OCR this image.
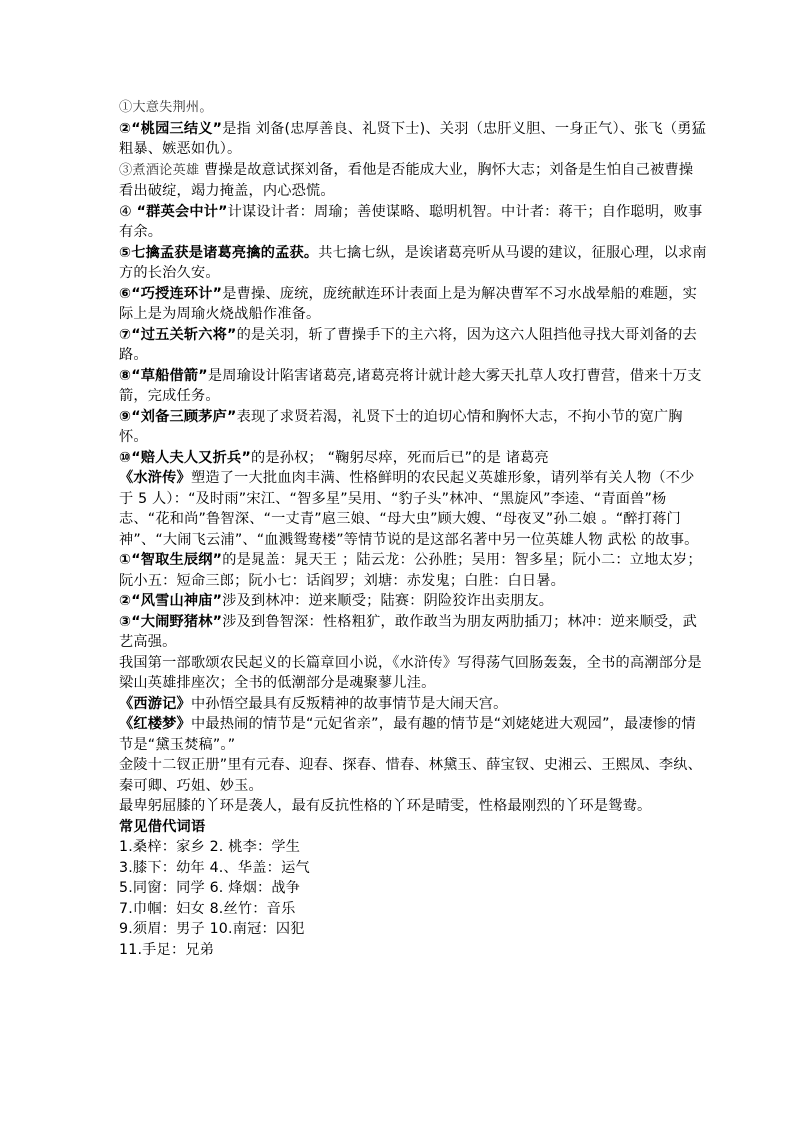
①大意失荆州。

②“桃园三结义”是指 刘备(忠厚善良、礼贤下士)、关羽（忠肝义胆、一身正气）、张飞（勇猛粗暴、嫉恶如仇）。

③煮酒论英雄 曹操是故意试探刘备，看他是否能成大业，胸怀大志；刘备是生怕自己被曹操看出破绽，竭力掩盖，内心恐慌。

④ “群英会中计”计谋设计者：周瑜；善使谋略、聪明机智。中计者：蒋干；自作聪明，败事有余。

⑤七擒孟获是诸葛亮擒的孟获。共七擒七纵，是诶诸葛亮听从马谡的建议，征服心理，以求南方的长治久安。

⑥“巧授连环计”是曹操、庞统，庞统献连环计表面上是为解决曹军不习水战晕船的难题，实际上是为周瑜火烧战船作准备。

⑦“过五关斩六将”的是关羽，斩了曹操手下的主六将，因为这六人阻挡他寻找大哥刘备的去路。

⑧“草船借箭”是周瑜设计陷害诸葛亮,诸葛亮将计就计趁大雾天扎草人攻打曹营，借来十万支箭，完成任务。

⑨“刘备三顾茅庐”表现了求贤若渴，礼贤下士的迫切心情和胸怀大志，不拘小节的宽广胸怀。

⑩“赔人夫人又折兵”的是孙权； “鞠躬尽瘁，死而后已”的是 诸葛亮

《水浒传》塑造了一大批血肉丰满、性格鲜明的农民起义英雄形象，请列举有关人物（不少于 5 人）：“及时雨”宋江、“智多星”吴用、“豹子头”林冲、“黑旋风”李逵、“青面兽”杨志、“花和尚”鲁智深、“一丈青”扈三娘、“母大虫”顾大嫂、“母夜叉”孙二娘 。“醉打蒋门神”、“大闹飞云浦”、“血溅鸳鸯楼”等情节说的是这部名著中另一位英雄人物 武松 的故事。

①“智取生辰纲”的是晁盖：晁天王 ；陆云龙：公孙胜；吴用：智多星；阮小二：立地太岁；阮小五：短命三郎；阮小七：话阎罗；刘塘：赤发鬼；白胜：白日暑。

②“风雪山神庙”涉及到林冲：逆来顺受；陆赛：阴险狡诈出卖朋友。

③“大闹野猪林”涉及到鲁智深：性格粗犷，敢作敢当为朋友两肋插刀；林冲：逆来顺受，武艺高强。

我国第一部歌颂农民起义的长篇章回小说，《水浒传》写得荡气回肠轰轰，全书的高潮部分是梁山英雄排座次；全书的低潮部分是魂聚蓼儿洼。

《西游记》中孙悟空最具有反叛精神的故事情节是大闹天宫。

《红楼梦》中最热闹的情节是“元妃省亲”，最有趣的情节是“刘姥姥进大观园”，最凄惨的情节是“黛玉焚稿”。”

金陵十二钗正册”里有元春、迎春、探春、惜春、林黛玉、薛宝钗、史湘云、王熙凤、李纨、秦可卿、巧姐、妙玉。

最卑躬屈膝的丫环是袭人，最有反抗性格的丫环是晴雯，性格最刚烈的丫环是鸳鸯。

常见借代词语

1.桑梓：家乡 2. 桃李：学生

3.膝下：幼年 4.、华盖：运气

5.同窗：同学 6. 烽烟：战争

7.巾帼：妇女 8.丝竹：音乐

9.须眉：男子 10.南冠：囚犯

11.手足：兄弟
